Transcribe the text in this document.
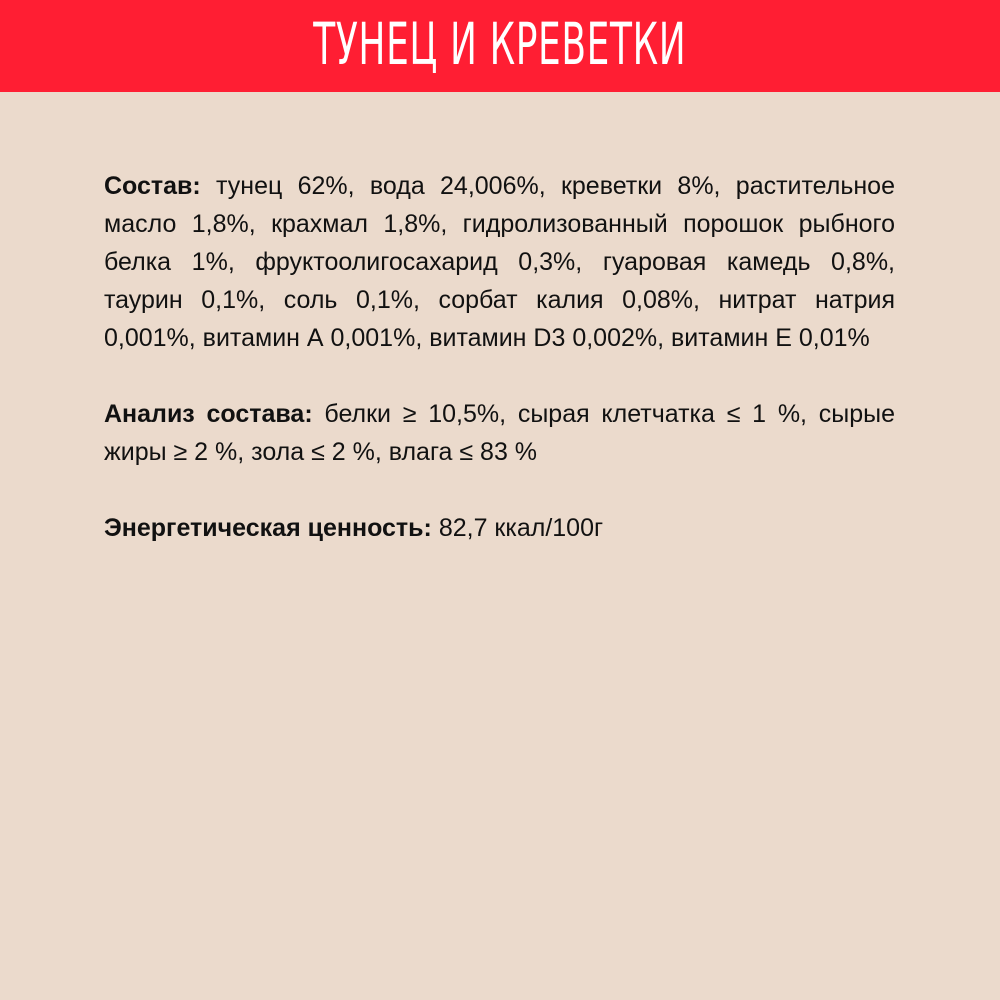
ТУНЕЦ И КРЕВЕТКИ

Состав: тунец 62%, вода 24,006%, креветки 8%, растительное масло 1,8%, крахмал 1,8%, гидролизованный порошок рыбного белка 1%, фруктоолигосахарид 0,3%, гуаровая камедь 0,8%, таурин 0,1%, соль 0,1%, сорбат калия 0,08%, нитрат натрия 0,001%, витамин А 0,001%, витамин D3 0,002%, витамин Е 0,01%

Анализ состава: белки ≥ 10,5%, сырая клетчатка ≤ 1 %, сырые жиры ≥ 2 %, зола ≤ 2 %, влага ≤ 83 %

Энергетическая ценность: 82,7 ккал/100г
